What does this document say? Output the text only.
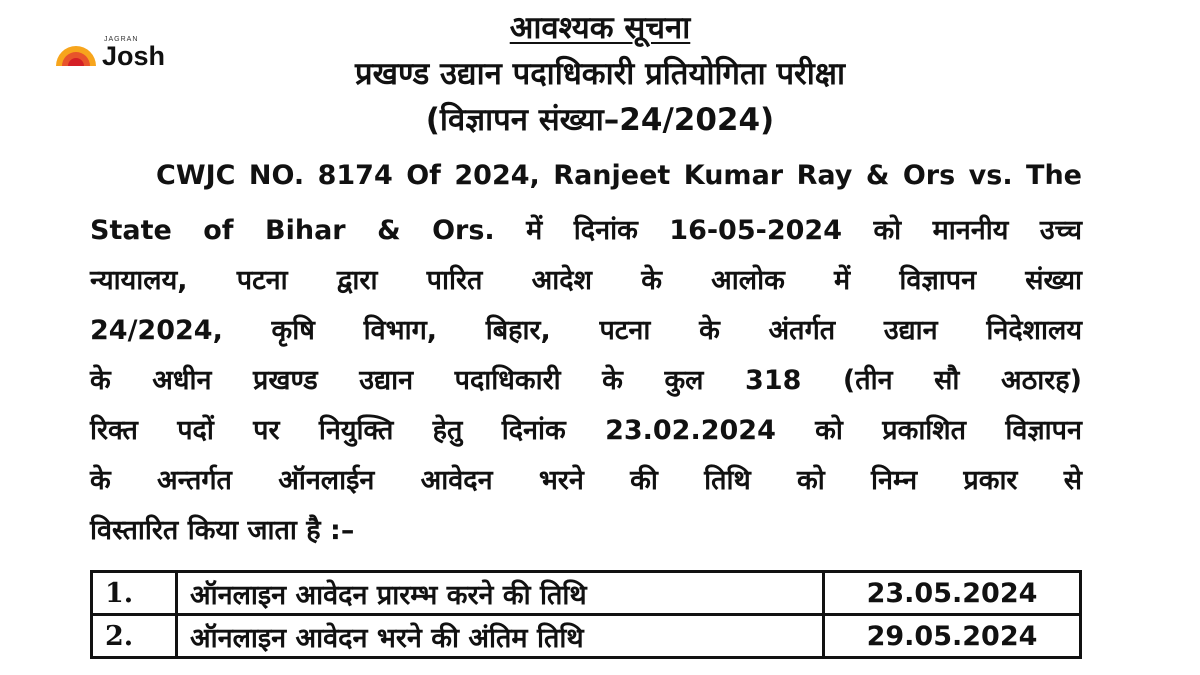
JAGRAN
Josh
आवश्यक सूचना
प्रखण्ड उद्यान पदाधिकारी प्रतियोगिता परीक्षा
(विज्ञापन संख्या–24/2024)
CWJC NO. 8174 Of 2024, Ranjeet Kumar Ray & Ors vs. The
State of Bihar & Ors. में दिनांक 16-05-2024 को माननीय उच्च
न्यायालय, पटना द्वारा पारित आदेश के आलोक में विज्ञापन संख्या
24/2024, कृषि विभाग, बिहार, पटना के अंतर्गत उद्यान निदेशालय
के अधीन प्रखण्ड उद्यान पदाधिकारी के कुल 318 (तीन सौ अठारह)
रिक्त पदों पर नियुक्ति हेतु दिनांक 23.02.2024 को प्रकाशित विज्ञापन
के अन्तर्गत ऑनलाईन आवेदन भरने की तिथि को निम्न प्रकार से
विस्तारित किया जाता है :–
1.	ऑनलाइन आवेदन प्रारम्भ करने की तिथि	23.05.2024
2.	ऑनलाइन आवेदन भरने की अंतिम तिथि	29.05.2024
